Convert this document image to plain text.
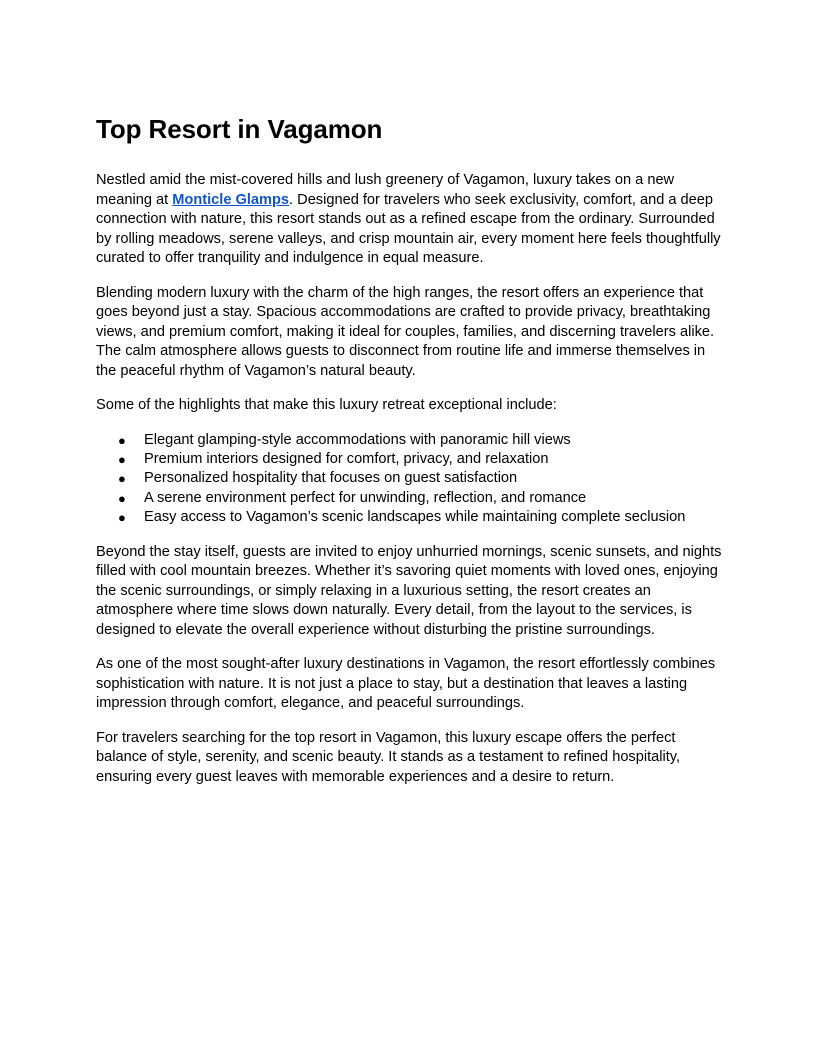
Top Resort in Vagamon

Nestled amid the mist-covered hills and lush greenery of Vagamon, luxury takes on a new meaning at Monticle Glamps. Designed for travelers who seek exclusivity, comfort, and a deep connection with nature, this resort stands out as a refined escape from the ordinary. Surrounded by rolling meadows, serene valleys, and crisp mountain air, every moment here feels thoughtfully curated to offer tranquility and indulgence in equal measure.

Blending modern luxury with the charm of the high ranges, the resort offers an experience that goes beyond just a stay. Spacious accommodations are crafted to provide privacy, breathtaking views, and premium comfort, making it ideal for couples, families, and discerning travelers alike. The calm atmosphere allows guests to disconnect from routine life and immerse themselves in the peaceful rhythm of Vagamon’s natural beauty.

Some of the highlights that make this luxury retreat exceptional include:

● Elegant glamping-style accommodations with panoramic hill views
● Premium interiors designed for comfort, privacy, and relaxation
● Personalized hospitality that focuses on guest satisfaction
● A serene environment perfect for unwinding, reflection, and romance
● Easy access to Vagamon’s scenic landscapes while maintaining complete seclusion

Beyond the stay itself, guests are invited to enjoy unhurried mornings, scenic sunsets, and nights filled with cool mountain breezes. Whether it’s savoring quiet moments with loved ones, enjoying the scenic surroundings, or simply relaxing in a luxurious setting, the resort creates an atmosphere where time slows down naturally. Every detail, from the layout to the services, is designed to elevate the overall experience without disturbing the pristine surroundings.

As one of the most sought-after luxury destinations in Vagamon, the resort effortlessly combines sophistication with nature. It is not just a place to stay, but a destination that leaves a lasting impression through comfort, elegance, and peaceful surroundings.

For travelers searching for the top resort in Vagamon, this luxury escape offers the perfect balance of style, serenity, and scenic beauty. It stands as a testament to refined hospitality, ensuring every guest leaves with memorable experiences and a desire to return.
